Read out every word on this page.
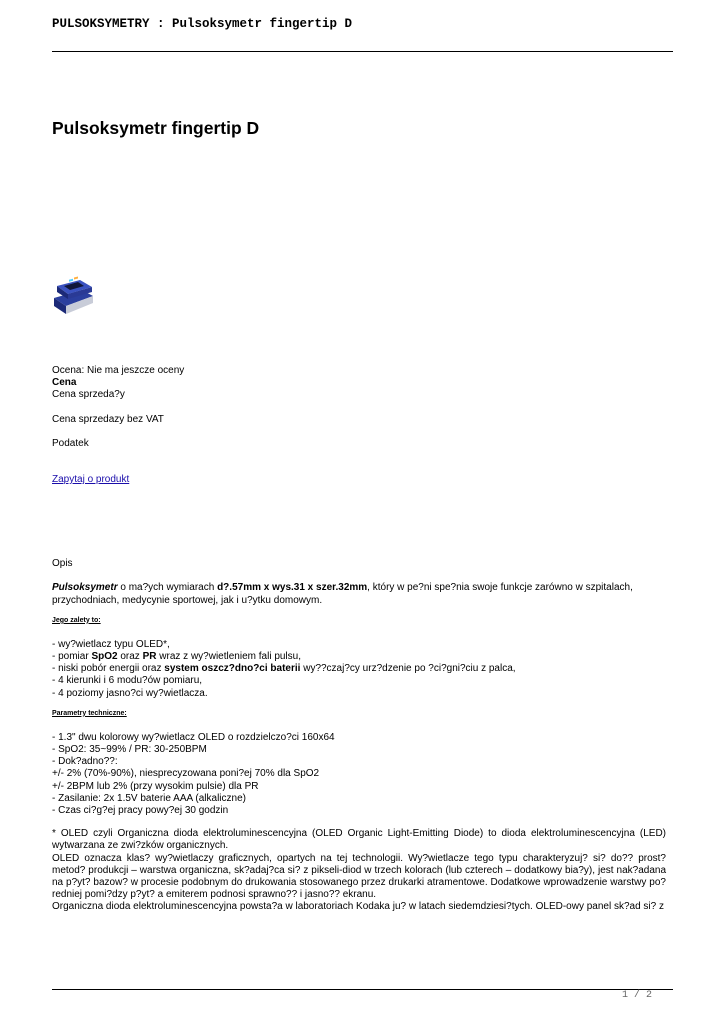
PULSOKSYMETRY : Pulsoksymetr fingertip D
Pulsoksymetr fingertip D

Ocena: Nie ma jeszcze oceny

Cena

Cena sprzeda?y

Cena sprzedazy bez VAT

Podatek

Zapytaj o produkt

Opis

Pulsoksymetr o ma?ych wymiarach d?.57mm x wys.31 x szer.32mm, który w pe?ni spe?nia swoje funkcje zarówno w szpitalach,

przychodniach, medycynie sportowej, jak i u?ytku domowym.

Jego zalety to:

- wy?wietlacz typu OLED*,

- pomiar SpO2 oraz PR wraz z wy?wietleniem fali pulsu,

- niski pobór energii oraz system oszcz?dno?ci baterii wy??czaj?cy urz?dzenie po ?ci?gni?ciu z palca,

- 4 kierunki i 6 modu?ów pomiaru,

- 4 poziomy jasno?ci wy?wietlacza.

Parametry techniczne:

- 1.3" dwu kolorowy wy?wietlacz OLED o rozdzielczo?ci 160x64

- SpO2: 35~99% / PR: 30-250BPM

- Dok?adno??:

+/- 2% (70%-90%), niesprecyzowana poni?ej 70% dla SpO2

+/- 2BPM lub 2% (przy wysokim pulsie) dla PR

- Zasilanie: 2x 1.5V baterie AAA (alkaliczne)

- Czas ci?g?ej pracy powy?ej 30 godzin

* OLED czyli Organiczna dioda elektroluminescencyjna (OLED Organic Light-Emitting Diode) to dioda elektroluminescencyjna (LED) wytwarzana ze zwi?zków organicznych.

OLED oznacza klas? wy?wietlaczy graficznych, opartych na tej technologii. Wy?wietlacze tego typu charakteryzuj? si? do?? prost? metod? produkcji – warstwa organiczna, sk?adaj?ca si? z pikseli-diod w trzech kolorach (lub czterech – dodatkowy bia?y), jest nak?adana na p?yt? bazow? w procesie podobnym do drukowania stosowanego przez drukarki atramentowe. Dodatkowe wprowadzenie warstwy po?redniej pomi?dzy p?yt? a emiterem podnosi sprawno?? i jasno?? ekranu.

Organiczna dioda elektroluminescencyjna powsta?a w laboratoriach Kodaka ju? w latach siedemdziesi?tych. OLED-owy panel sk?ad si? z

1 / 2
